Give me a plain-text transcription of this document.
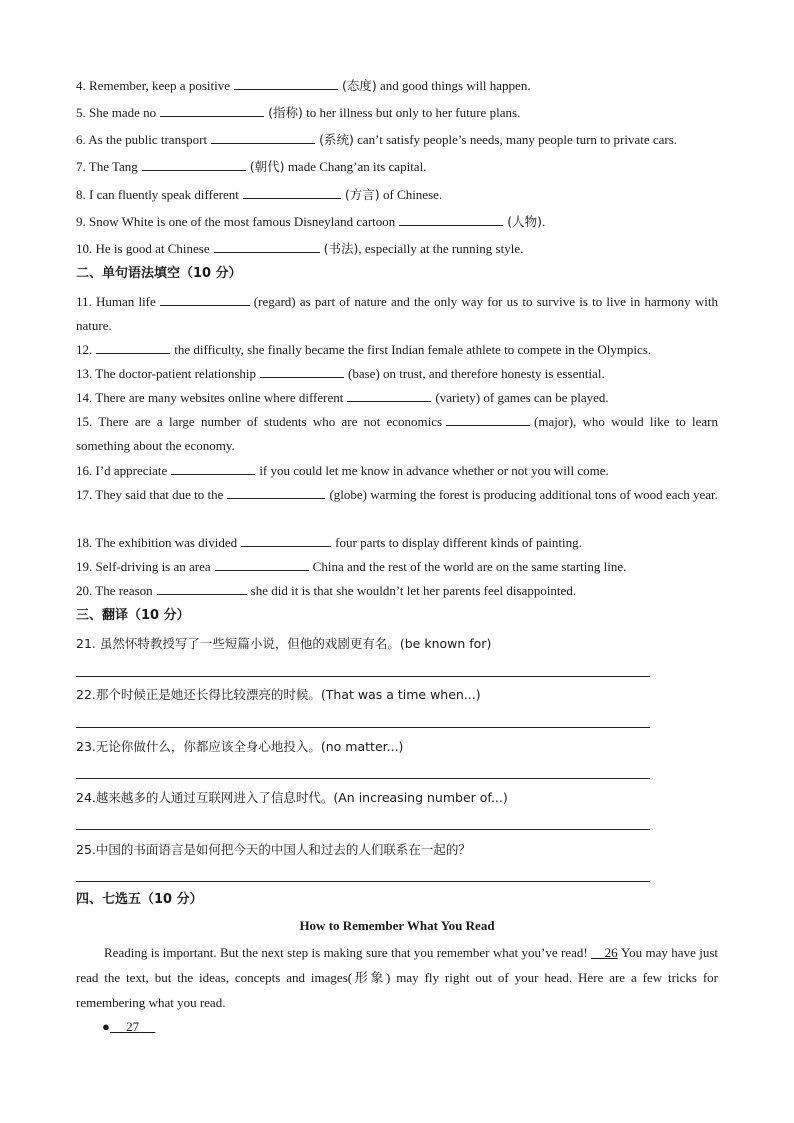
4. Remember, keep a positive	(态度) and good things will happen.
5. She made no	(指称) to her illness but only to her future plans.
6. As the public transport	(系统) can’t satisfy people’s needs, many people turn to private cars.
7. The Tang	(朝代) made Chang’an its capital.
8. I can fluently speak different	(方言) of Chinese.
9. Snow White is one of the most famous Disneyland cartoon	(人物).
10. He is good at Chinese	(书法), especially at the running style.
二、单句语法填空（10 分）
11. Human life	(regard) as part of nature and the only way for us to survive is to live in harmony with nature.
12.	the difficulty, she finally became the first Indian female athlete to compete in the Olympics.
13. The doctor-patient relationship	(base) on trust, and therefore honesty is essential.
14. There are many websites online where different	(variety) of games can be played.
15. There are a large number of students who are not economics	(major), who would like to learn something about the economy.
16. I’d appreciate	if you could let me know in advance whether or not you will come.
17. They said that due to the	(globe) warming the forest is producing additional tons of wood each year.
18. The exhibition was divided	four parts to display different kinds of painting.
19. Self-driving is an area	China and the rest of the world are on the same starting line.
20. The reason	she did it is that she wouldn’t let her parents feel disappointed.
三、翻译（10 分）
21. 虽然怀特教授写了一些短篇小说，但他的戏剧更有名。(be known for)
22.那个时候正是她还长得比较漂亮的时候。(That was a time when...)
23.无论你做什么，你都应该全身心地投入。(no matter...)
24.越来越多的人通过互联网进入了信息时代。(An increasing number of...)
25.中国的书面语言是如何把今天的中国人和过去的人们联系在一起的？
四、七选五（10 分）
How to Remember What You Read
Reading is important. But the next step is making sure that you remember what you’ve read! 26 You may have just read the text, but the ideas, concepts and images(形象) may fly right out of your head. Here are a few tricks for remembering what you read.
● 27
